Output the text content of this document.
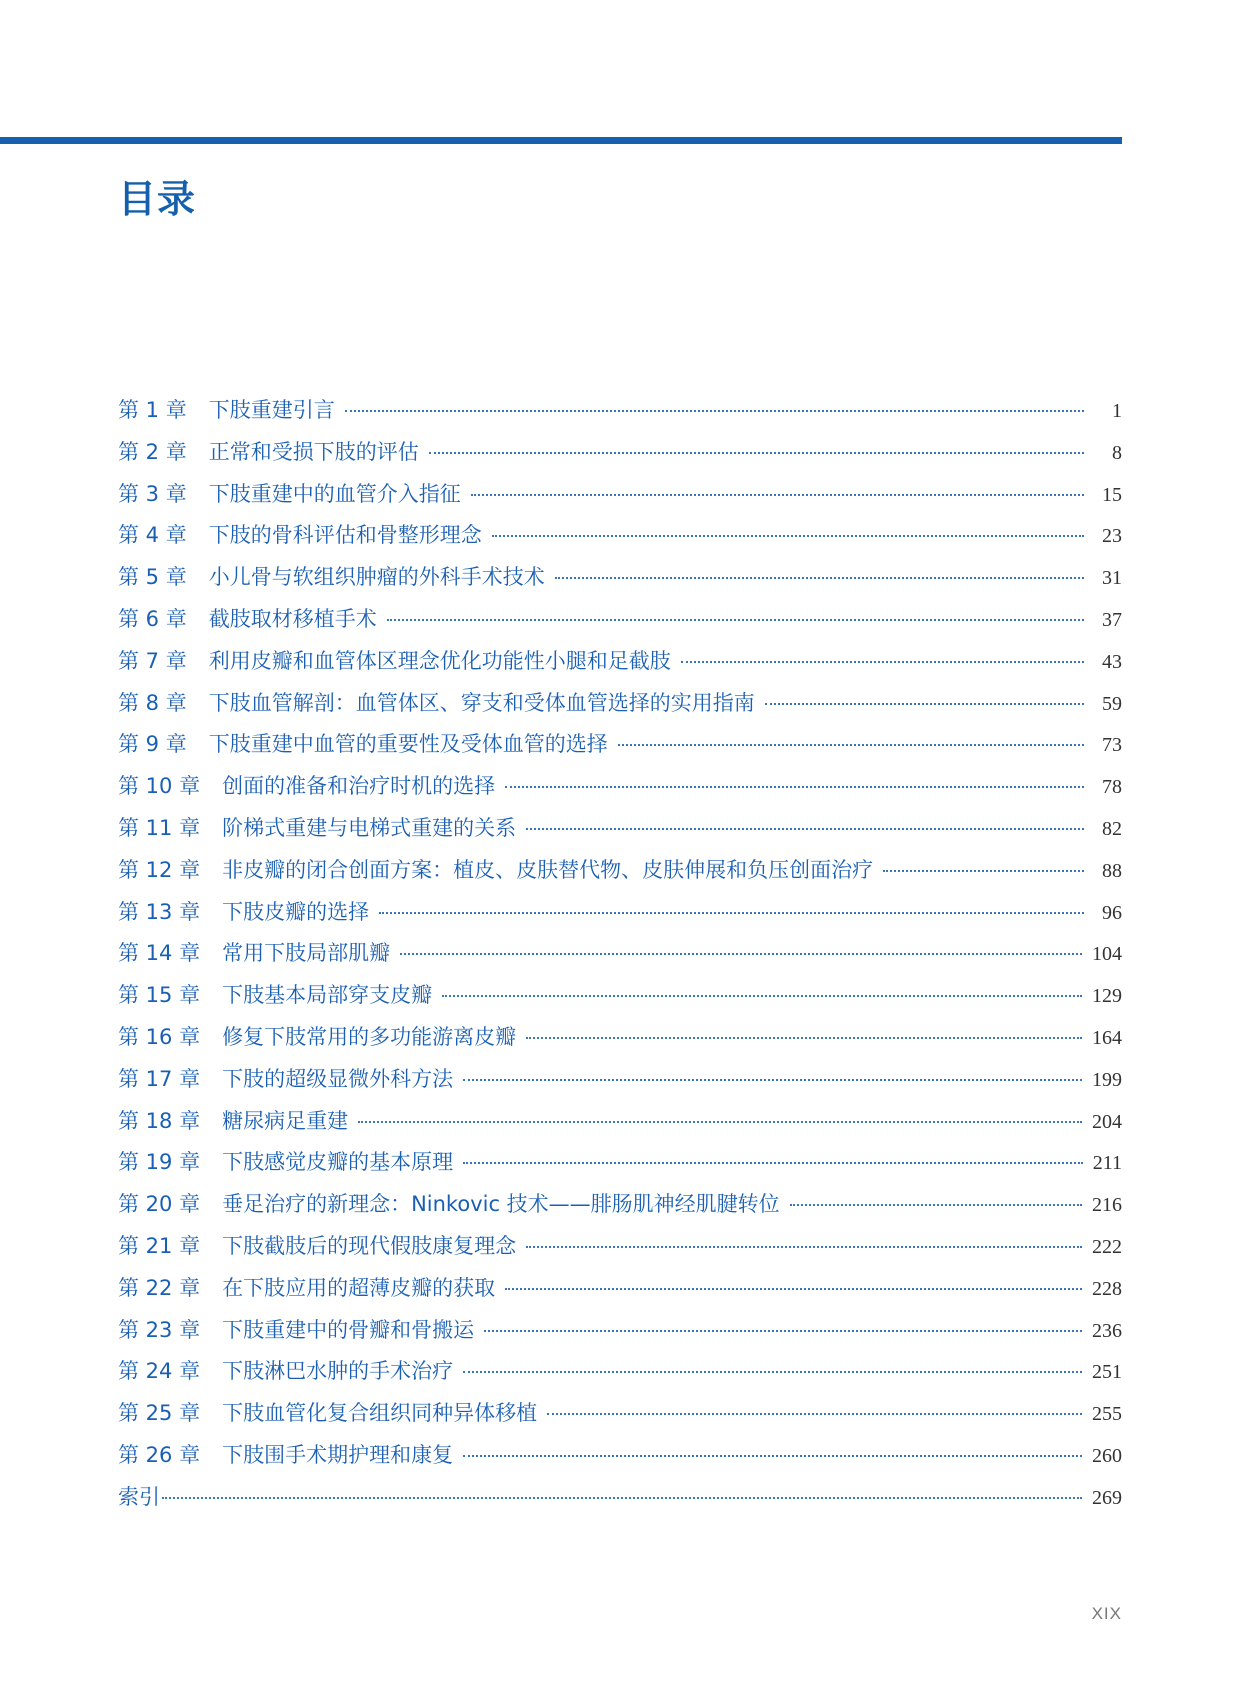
目录
第 1 章	下肢重建引言	1
第 2 章	正常和受损下肢的评估	8
第 3 章	下肢重建中的血管介入指征	15
第 4 章	下肢的骨科评估和骨整形理念	23
第 5 章	小儿骨与软组织肿瘤的外科手术技术	31
第 6 章	截肢取材移植手术	37
第 7 章	利用皮瓣和血管体区理念优化功能性小腿和足截肢	43
第 8 章	下肢血管解剖：血管体区、穿支和受体血管选择的实用指南	59
第 9 章	下肢重建中血管的重要性及受体血管的选择	73
第 10 章	创面的准备和治疗时机的选择	78
第 11 章	阶梯式重建与电梯式重建的关系	82
第 12 章	非皮瓣的闭合创面方案：植皮、皮肤替代物、皮肤伸展和负压创面治疗	88
第 13 章	下肢皮瓣的选择	96
第 14 章	常用下肢局部肌瓣	104
第 15 章	下肢基本局部穿支皮瓣	129
第 16 章	修复下肢常用的多功能游离皮瓣	164
第 17 章	下肢的超级显微外科方法	199
第 18 章	糖尿病足重建	204
第 19 章	下肢感觉皮瓣的基本原理	211
第 20 章	垂足治疗的新理念：Ninkovic 技术——腓肠肌神经肌腱转位	216
第 21 章	下肢截肢后的现代假肢康复理念	222
第 22 章	在下肢应用的超薄皮瓣的获取	228
第 23 章	下肢重建中的骨瓣和骨搬运	236
第 24 章	下肢淋巴水肿的手术治疗	251
第 25 章	下肢血管化复合组织同种异体移植	255
第 26 章	下肢围手术期护理和康复	260
索引	269
XIX
